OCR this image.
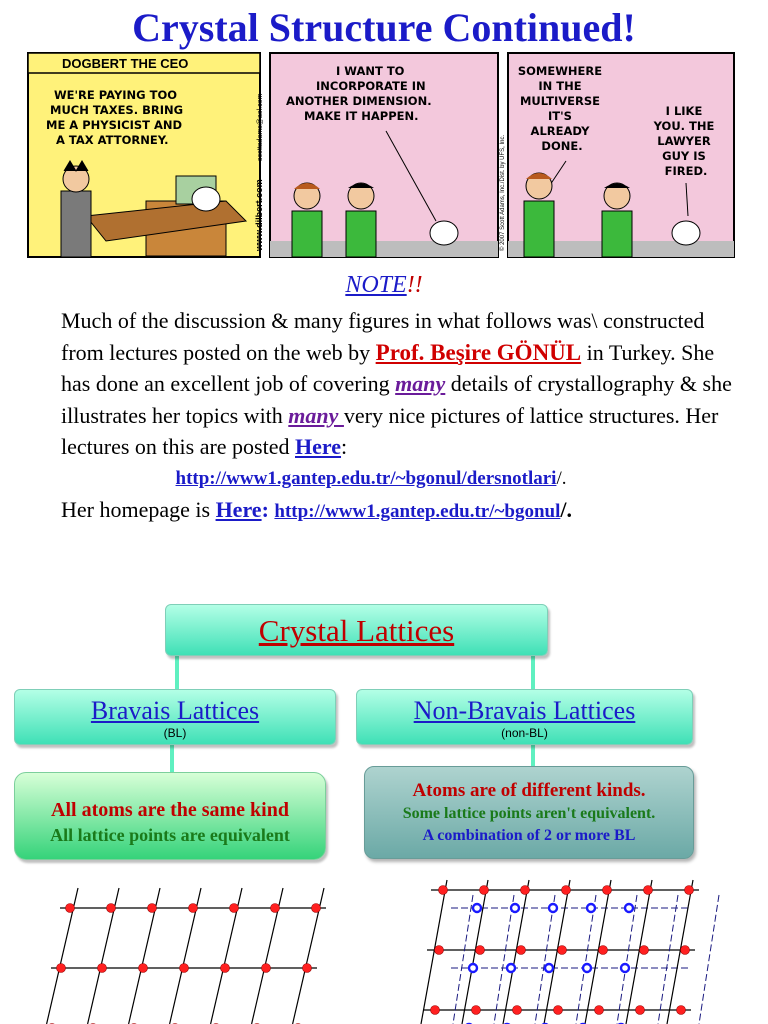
Crystal Structure Continued!
DOGBERT THE CEO
WE'RE PAYING TOO MUCH TAXES. BRING ME A PHYSICIST AND A TAX ATTORNEY.
I WANT TO INCORPORATE IN ANOTHER DIMENSION. MAKE IT HAPPEN.
www.dilbert.com
scottadams@aol.com
SOMEWHERE IN THE MULTIVERSE IT'S ALREADY DONE.
I LIKE YOU. THE LAWYER GUY IS FIRED.
© 2007 Scott Adams, Inc./Dist. by UFS, Inc.
NOTE!!
Much of the discussion & many figures in what follows was\ constructed from lectures posted on the web by Prof. Beşire GÖNÜL in Turkey. She has done an excellent job of covering many details of crystallography & she illustrates her topics with many very nice pictures of lattice structures. Her lectures on this are posted Here:
http://www1.gantep.edu.tr/~bgonul/dersnotlari/.
Her homepage is Here: http://www1.gantep.edu.tr/~bgonul/.
Crystal Lattices
Bravais Lattices
(BL)
Non-Bravais Lattices
(non-BL)
All atoms are the same kind
All lattice points are equivalent
Atoms are of different kinds.
Some lattice points aren't equivalent.
A combination of 2 or more BL
